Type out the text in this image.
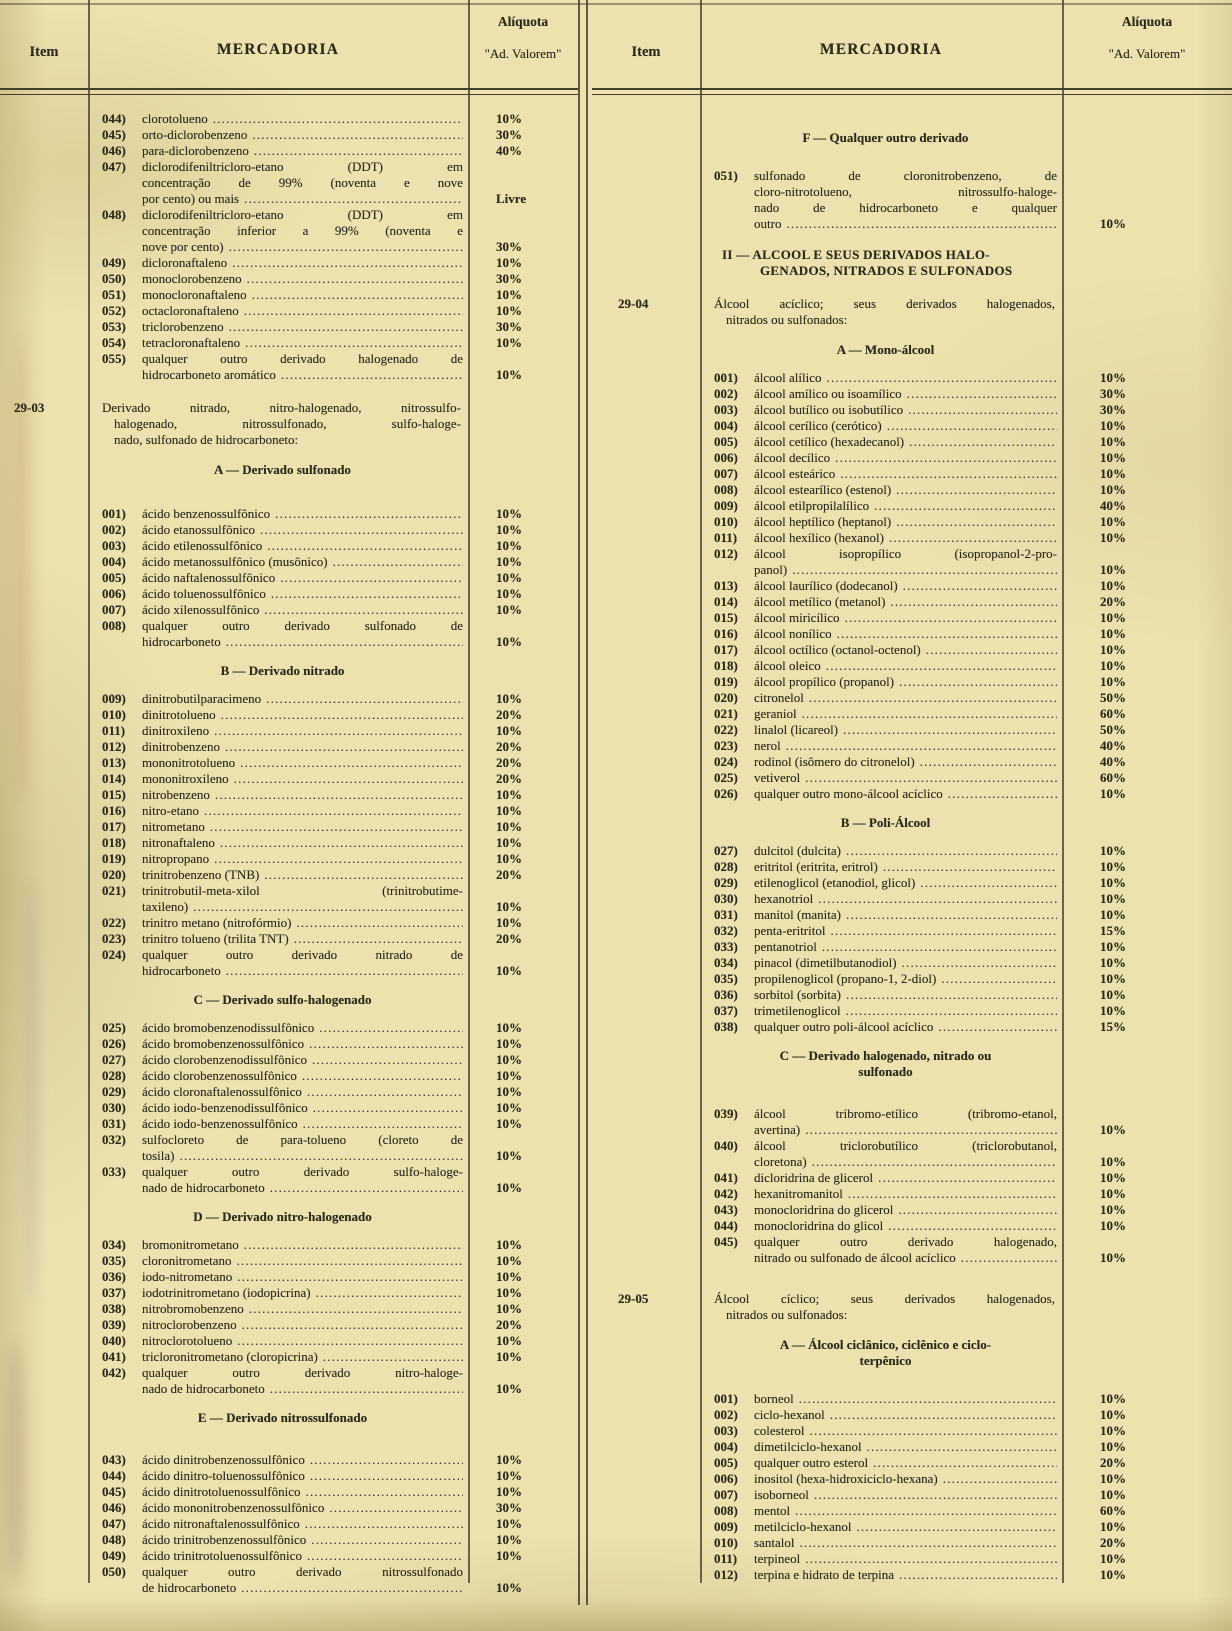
Item	MERCADORIA
Alíquota
"Ad. Valorem"
044)	clorotolueno .....	10%
045)	orto-diclorobenzeno .....	30%
046)	para-diclorobenzeno .....	40%
047)	diclorodifeniltricloro-etano (DDT) em
concentração de 99% (noventa e nove
por cento) ou mais .....	Livre
048)	diclorodifeniltricloro-etano (DDT) em
concentração inferior a 99% (noventa e
nove por cento) .....	30%
049)	dicloronaftaleno .....	10%
050)	monoclorobenzeno .....	30%
051)	monocloronaftaleno .....	10%
052)	octacloronaftaleno .....	10%
053)	triclorobenzeno .....	30%
054)	tetracloronaftaleno .....	10%
055)	qualquer outro derivado halogenado de
hidrocarboneto aromático .....	10%
29-03	Derivado nitrado, nitro-halogenado, nitrossulfo-
halogenado, nitrossulfonado, sulfo-haloge-
nado, sulfonado de hidrocarboneto:
A — Derivado sulfonado
001)	ácido benzenossulfônico .....	10%
002)	ácido etanossulfônico .....	10%
003)	ácido etilenossulfônico .....	10%
004)	ácido metanossulfônico (musônico) .....	10%
005)	ácido naftalenossulfônico .....	10%
006)	ácido toluenossulfônico .....	10%
007)	ácido xilenossulfônico .....	10%
008)	qualquer outro derivado sulfonado de
hidrocarboneto .....	10%
B — Derivado nitrado
009)	dinitrobutilparacimeno .....	10%
010)	dinitrotolueno .....	20%
011)	dinitroxileno .....	10%
012)	dinitrobenzeno .....	20%
013)	mononitrotolueno .....	20%
014)	mononitroxileno .....	20%
015)	nitrobenzeno .....	10%
016)	nitro-etano .....	10%
017)	nitrometano .....	10%
018)	nitronaftaleno .....	10%
019)	nitropropano .....	10%
020)	trinitrobenzeno (TNB) .....	20%
021)	trinitrobutil-meta-xilol (trinitrobutime-
taxileno) .....	10%
022)	trinitro metano (nitrofórmio) .....	10%
023)	trinitro tolueno (trilita TNT) .....	20%
024)	qualquer outro derivado nitrado de
hidrocarboneto .....	10%
C — Derivado sulfo-halogenado
025)	ácido bromobenzenodissulfônico .....	10%
026)	ácido bromobenzenossulfônico .....	10%
027)	ácido clorobenzenodissulfônico .....	10%
028)	ácido clorobenzenossulfônico .....	10%
029)	ácido cloronaftalenossulfônico .....	10%
030)	ácido iodo-benzenodissulfônico .....	10%
031)	ácido iodo-benzenossulfônico .....	10%
032)	sulfocloreto de para-tolueno (cloreto de
tosila) .....	10%
033)	qualquer outro derivado sulfo-haloge-
nado de hidrocarboneto .....	10%
D — Derivado nitro-halogenado
034)	bromonitrometano .....	10%
035)	cloronitrometano .....	10%
036)	iodo-nitrometano .....	10%
037)	iodotrinitrometano (iodopicrina) .....	10%
038)	nitrobromobenzeno .....	10%
039)	nitroclorobenzeno .....	20%
040)	nitroclorotolueno .....	10%
041)	tricloronitrometano (cloropicrina) .....	10%
042)	qualquer outro derivado nitro-haloge-
nado de hidrocarboneto .....	10%
E — Derivado nitrossulfonado
043)	ácido dinitrobenzenossulfônico .....	10%
044)	ácido dinitro-toluenossulfônico .....	10%
045)	ácido dinitrotoluenossulfônico .....	10%
046)	ácido mononitrobenzenossulfônico .....	30%
047)	ácido nitronaftalenossulfônico .....	10%
048)	ácido trinitrobenzenossulfônico .....	10%
049)	ácido trinitrotoluenossulfônico .....	10%
050)	qualquer outro derivado nitrossulfonado
de hidrocarboneto .....	10%
Item	MERCADORIA
Alíquota
"Ad. Valorem"
F — Qualquer outro derivado
051)	sulfonado de cloronitrobenzeno, de
cloro-nitrotolueno, nitrossulfo-haloge-
nado de hidrocarboneto e qualquer
outro .....	10%
II — ALCOOL E SEUS DERIVADOS HALO-
GENADOS, NITRADOS E SULFONADOS
29-04	Álcool acíclico; seus derivados halogenados,
nitrados ou sulfonados:
A — Mono-álcool
001)	álcool alílico .....	10%
002)	álcool amílico ou isoamílico .....	30%
003)	álcool butílico ou isobutílico .....	30%
004)	álcool cerílico (cerótico) .....	10%
005)	álcool cetílico (hexadecanol) .....	10%
006)	álcool decílico .....	10%
007)	álcool esteárico .....	10%
008)	álcool estearílico (estenol) .....	10%
009)	álcool etilpropilalílico .....	40%
010)	álcool heptílico (heptanol) .....	10%
011)	álcool hexílico (hexanol) .....	10%
012)	álcool isopropílico (isopropanol-2-pro-
panol) .....	10%
013)	álcool laurílico (dodecanol) .....	10%
014)	álcool metílico (metanol) .....	20%
015)	álcool miricílico .....	10%
016)	álcool nonílico .....	10%
017)	álcool octílico (octanol-octenol) .....	10%
018)	álcool oleico .....	10%
019)	álcool propílico (propanol) .....	10%
020)	citronelol .....	50%
021)	geraniol .....	60%
022)	linalol (licareol) .....	50%
023)	nerol .....	40%
024)	rodinol (isômero do citronelol) .....	40%
025)	vetiverol .....	60%
026)	qualquer outro mono-álcool acíclico .....	10%
B — Poli-Álcool
027)	dulcitol (dulcita) .....	10%
028)	eritritol (eritrita, eritrol) .....	10%
029)	etilenoglicol (etanodiol, glicol) .....	10%
030)	hexanotriol .....	10%
031)	manitol (manita) .....	10%
032)	penta-eritritol .....	15%
033)	pentanotriol .....	10%
034)	pinacol (dimetilbutanodiol) .....	10%
035)	propilenoglicol (propano-1, 2-diol) .....	10%
036)	sorbitol (sorbita) .....	10%
037)	trimetilenoglicol .....	10%
038)	qualquer outro poli-álcool acíclico .....	15%
C — Derivado halogenado, nitrado ou
sulfonado
039)	álcool tribromo-etílico (tribromo-etanol,
avertina) .....	10%
040)	álcool triclorobutílico (triclorobutanol,
cloretona) .....	10%
041)	dicloridrina de glicerol .....	10%
042)	hexanitromanitol .....	10%
043)	monocloridrina do glicerol .....	10%
044)	monocloridrina do glicol .....	10%
045)	qualquer outro derivado halogenado,
nitrado ou sulfonado de álcool acíclico .....	10%
29-05	Álcool cíclico; seus derivados halogenados,
nitrados ou sulfonados:
A — Álcool ciclânico, ciclênico e ciclo-
terpênico
001)	borneol .....	10%
002)	ciclo-hexanol .....	10%
003)	colesterol .....	10%
004)	dimetilciclo-hexanol .....	10%
005)	qualquer outro esterol .....	20%
006)	inositol (hexa-hidroxiciclo-hexana) .....	10%
007)	isoborneol .....	10%
008)	mentol .....	60%
009)	metilciclo-hexanol .....	10%
010)	santalol .....	20%
011)	terpineol .....	10%
012)	terpina e hidrato de terpina .....	10%
